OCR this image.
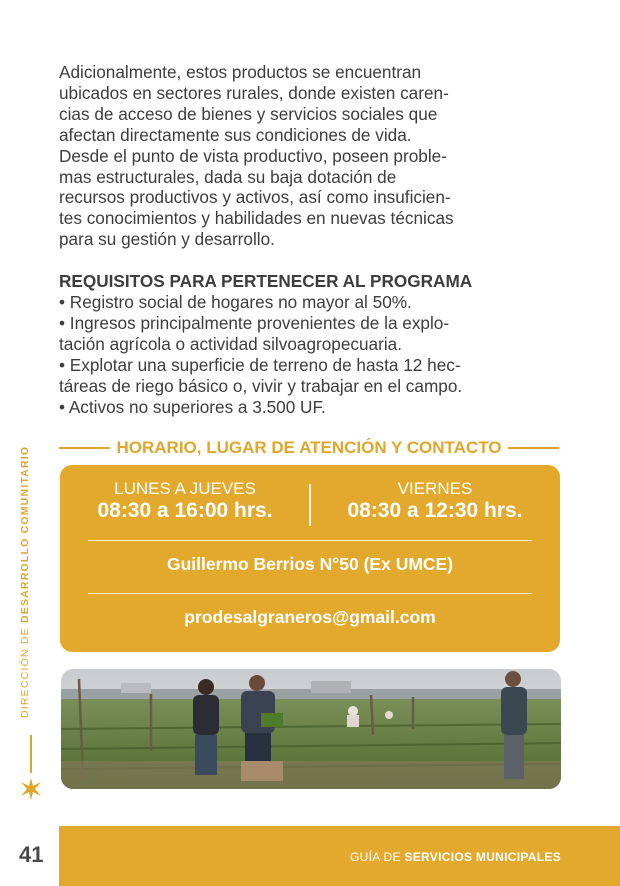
Adicionalmente, estos productos se encuentran
ubicados en sectores rurales, donde existen caren-
cias de acceso de bienes y servicios sociales que
afectan directamente sus condiciones de vida.
Desde el punto de vista productivo, poseen proble-
mas estructurales, dada su baja dotación de
recursos productivos y activos, así como insuficien-
tes conocimientos y habilidades en nuevas técnicas
para su gestión y desarrollo.

REQUISITOS PARA PERTENECER AL PROGRAMA

• Registro social de hogares no mayor al 50%.
• Ingresos principalmente provenientes de la explo-
tación agrícola o actividad silvoagropecuaria.
• Explotar una superficie de terreno de hasta 12 hec-
táreas de riego básico o, vivir y trabajar en el campo.
• Activos no superiores a 3.500 UF.

HORARIO, LUGAR DE ATENCIÓN Y CONTACTO
LUNES A JUEVES
08:30 a 16:00 hrs.
VIERNES
08:30 a 12:30 hrs.
Guillermo Berrios N°50 (Ex UMCE)
prodesalgraneros@gmail.com
DIRECCIÓN DE DESARROLLO COMUNITARIO
41	GUÍA DE SERVICIOS MUNICIPALES
